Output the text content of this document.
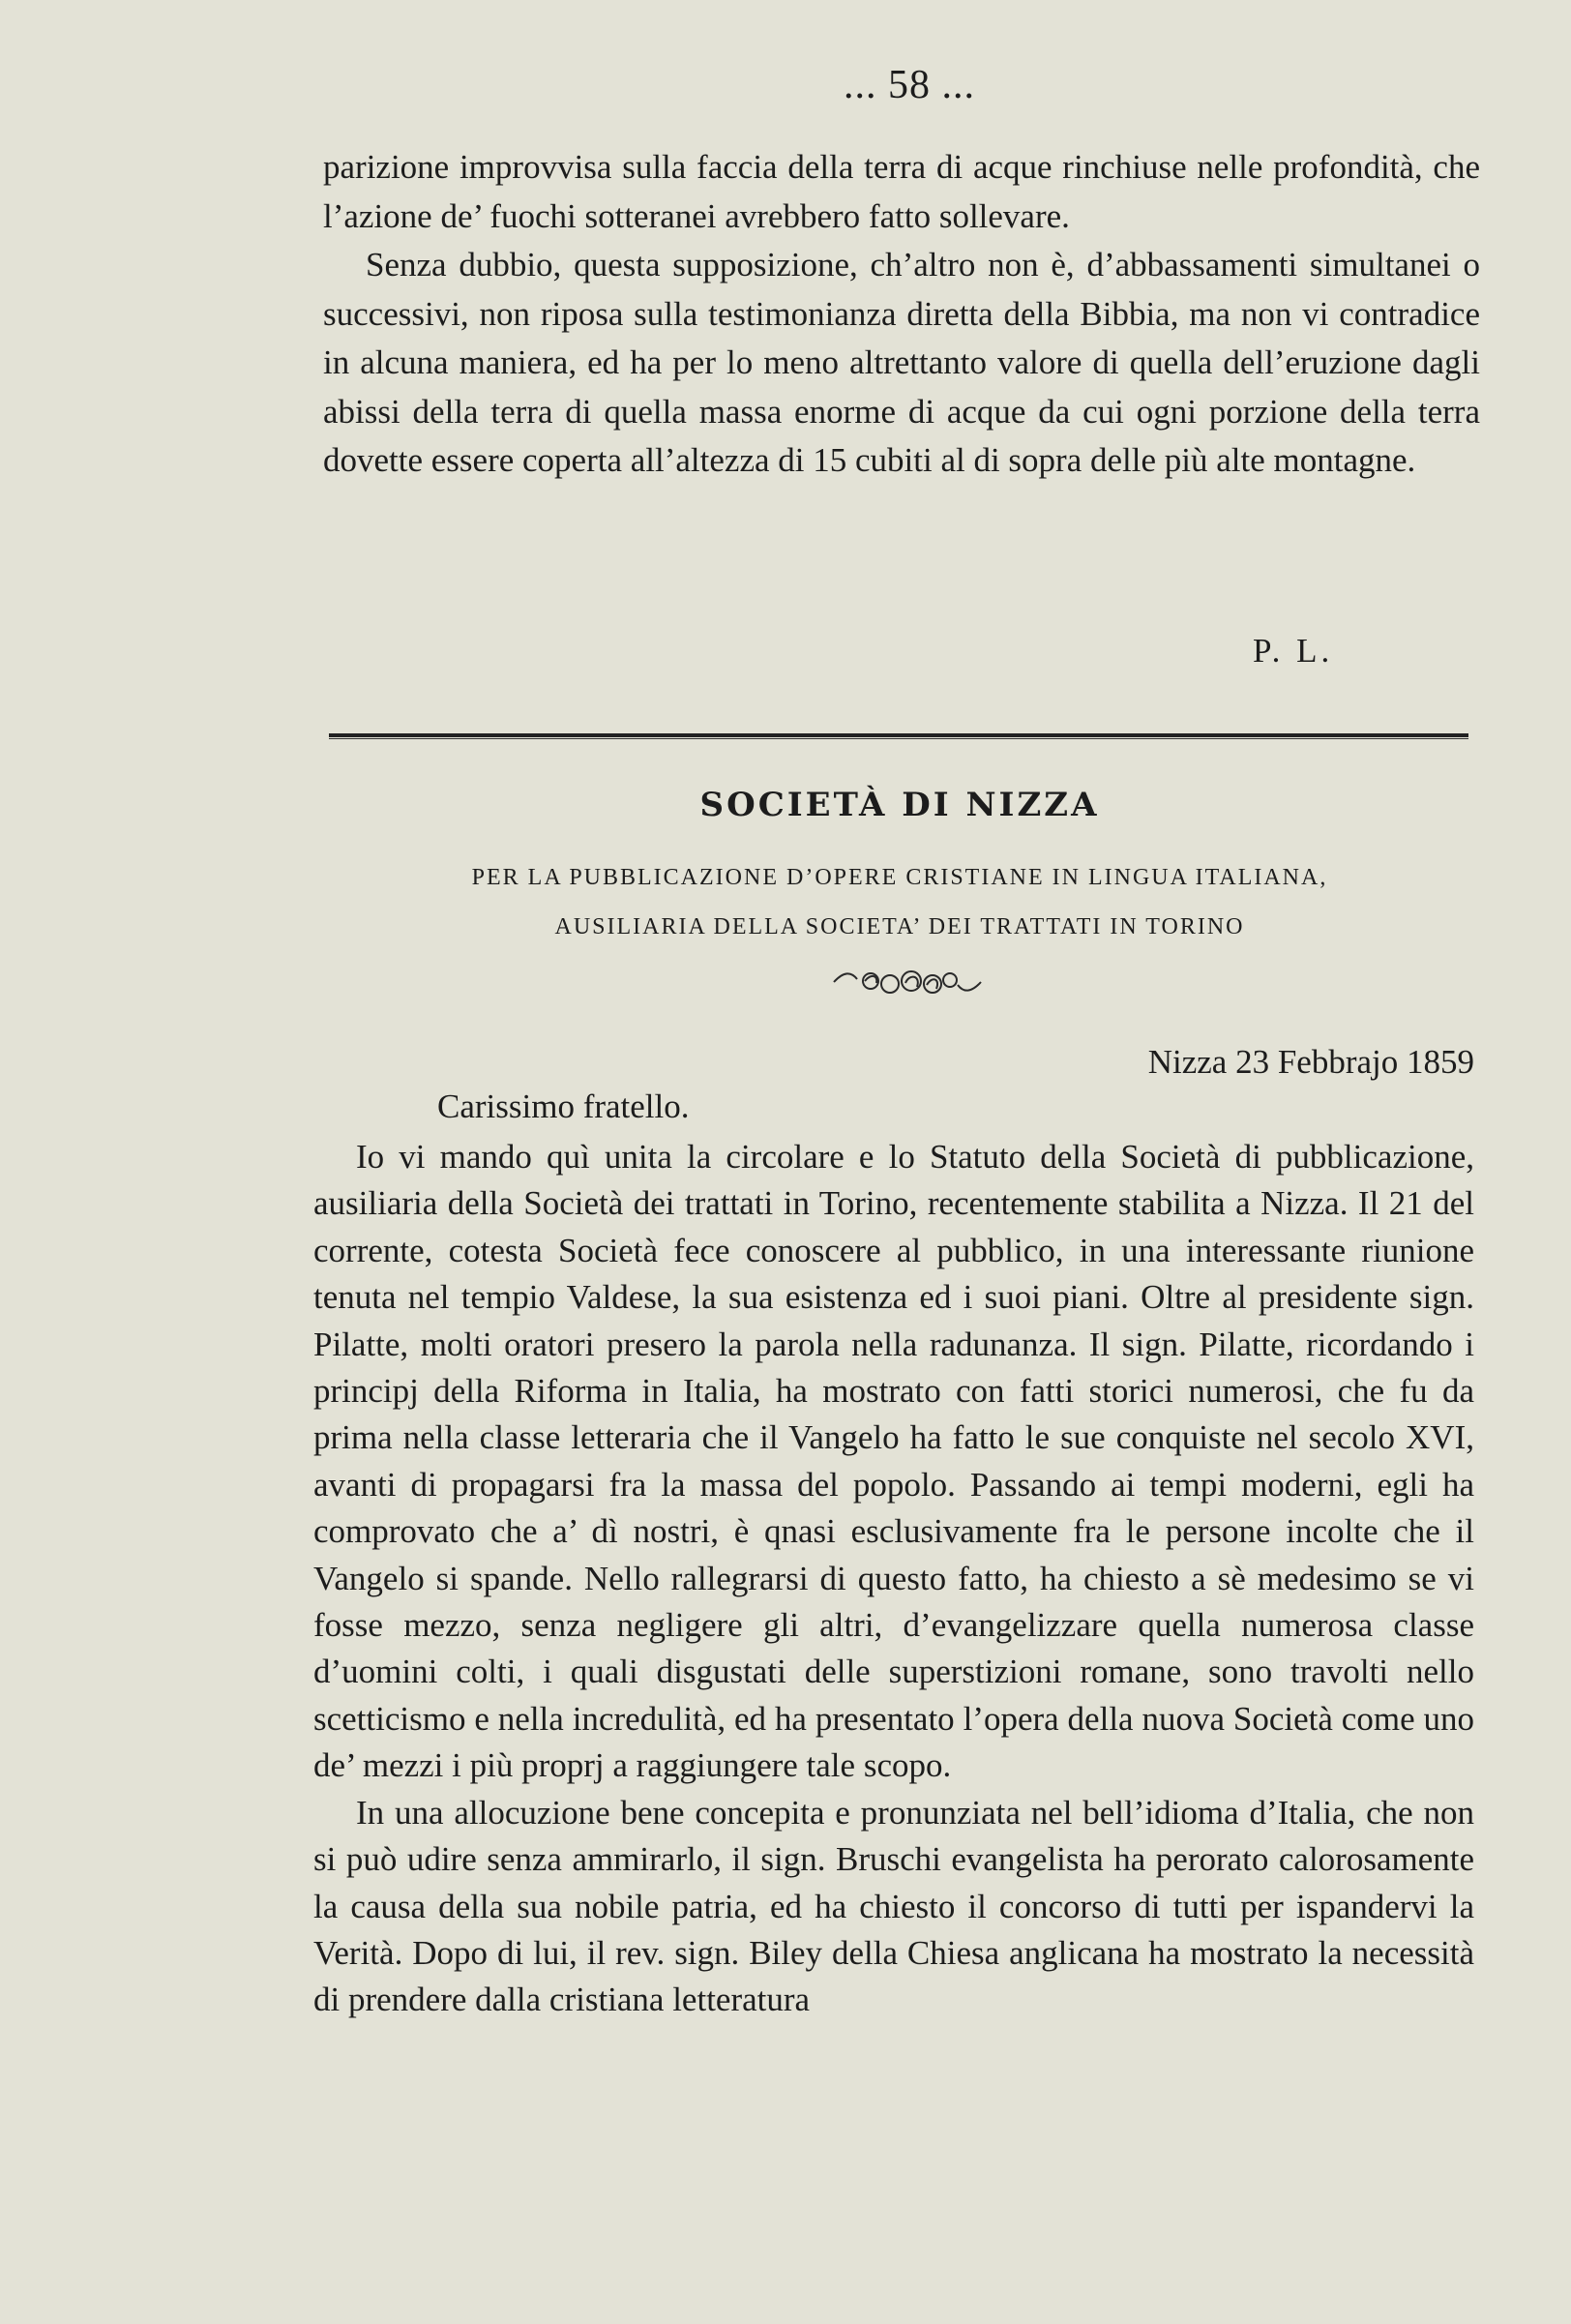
... 58 ...

parizione improvvisa sulla faccia della terra di acque rinchiuse nelle profondità, che l’azione de’ fuochi sotteranei avrebbero fatto sollevare.

Senza dubbio, questa supposizione, ch’altro non è, d’abbassamenti simultanei o successivi, non riposa sulla testimonianza diretta della Bibbia, ma non vi contradice in alcuna maniera, ed ha per lo meno altrettanto valore di quella dell’eruzione dagli abissi della terra di quella massa enorme di acque da cui ogni porzione della terra dovette essere coperta all’altezza di 15 cubiti al di sopra delle più alte montagne.

P. L.
SOCIETÀ DI NIZZA
PER LA PUBBLICAZIONE D’OPERE CRISTIANE IN LINGUA ITALIANA,
AUSILIARIA DELLA SOCIETA’ DEI TRATTATI IN TORINO
Nizza 23 Febbrajo 1859
Carissimo fratello.

Io vi mando quì unita la circolare e lo Statuto della Società di pubblicazione, ausiliaria della Società dei trattati in Torino, recentemente stabilita a Nizza. Il 21 del corrente, cotesta Società fece conoscere al pubblico, in una interessante riunione tenuta nel tempio Valdese, la sua esistenza ed i suoi piani. Oltre al presidente sign. Pilatte, molti oratori presero la parola nella radunanza. Il sign. Pilatte, ricordando i principj della Riforma in Italia, ha mostrato con fatti storici numerosi, che fu da prima nella classe letteraria che il Vangelo ha fatto le sue conquiste nel secolo XVI, avanti di propagarsi fra la massa del popolo. Passando ai tempi moderni, egli ha comprovato che a’ dì nostri, è qnasi esclusivamente fra le persone incolte che il Vangelo si spande. Nello rallegrarsi di questo fatto, ha chiesto a sè medesimo se vi fosse mezzo, senza negligere gli altri, d’evangelizzare quella numerosa classe d’uomini colti, i quali disgustati delle superstizioni romane, sono travolti nello scetticismo e nella incredulità, ed ha presentato l’opera della nuova Società come uno de’ mezzi i più proprj a raggiungere tale scopo.

In una allocuzione bene concepita e pronunziata nel bell’idioma d’Italia, che non si può udire senza ammirarlo, il sign. Bruschi evangelista ha perorato calorosamente la causa della sua nobile patria, ed ha chiesto il concorso di tutti per ispandervi la Verità. Dopo di lui, il rev. sign. Biley della Chiesa anglicana ha mostrato la necessità di prendere dalla cristiana letteratura
